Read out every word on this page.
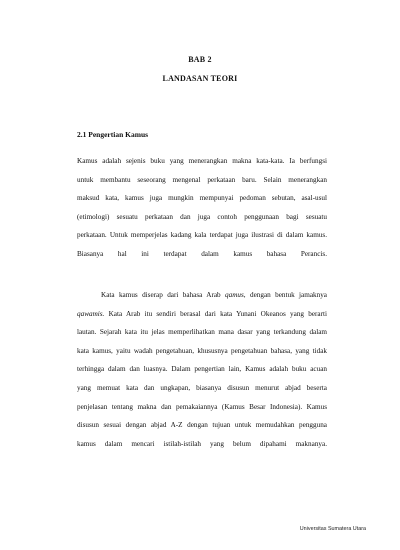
BAB 2
LANDASAN TEORI
2.1 Pengertian Kamus
Kamus adalah sejenis buku yang menerangkan makna kata-kata. Ia berfungsi
untuk membantu seseorang mengenal perkataan baru. Selain menerangkan
maksud kata, kamus juga mungkin mempunyai pedoman sebutan, asal-usul
(etimologi) sesuatu perkataan dan juga contoh penggunaan bagi sesuatu
perkataan. Untuk memperjelas kadang kala terdapat juga ilustrasi di dalam kamus.
Biasanya hal ini terdapat dalam kamus bahasa Perancis.
Kata kamus diserap dari bahasa Arab qamus, dengan bentuk jamaknya
qawamis. Kata Arab itu sendiri berasal dari kata Yunani Okeanos yang berarti
lautan. Sejarah kata itu jelas memperlihatkan mana dasar yang terkandung dalam
kata kamus, yaitu wadah pengetahuan, khususnya pengetahuan bahasa, yang tidak
terhingga dalam dan luasnya. Dalam pengertian lain, Kamus adalah buku acuan
yang memuat kata dan ungkapan, biasanya disusun menurut abjad beserta
penjelasan tentang makna dan pemakaiannya (Kamus Besar Indonesia). Kamus
disusun sesuai dengan abjad A-Z dengan tujuan untuk memudahkan pengguna
kamus dalam mencari istilah-istilah yang belum dipahami maknanya.
Universitas Sumatera Utara
